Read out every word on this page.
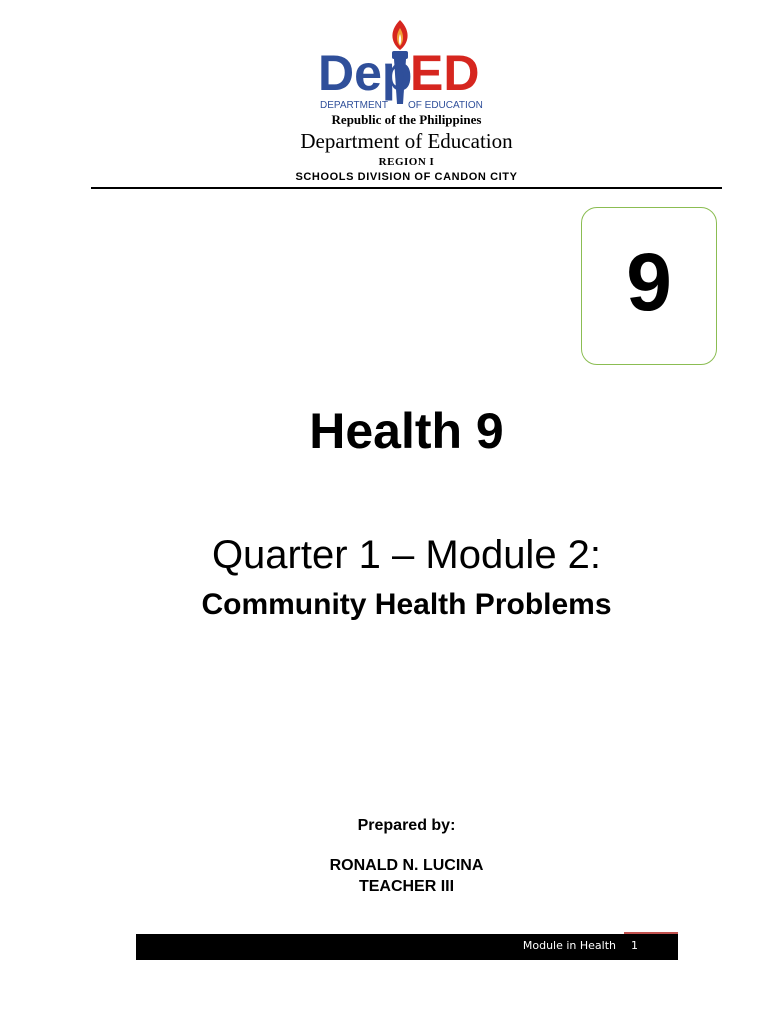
Dep
ED
DEPARTMENT OF EDUCATION
Republic of the Philippines
Department of Education
REGION I
SCHOOLS DIVISION OF CANDON CITY
9
Health 9
Quarter 1 – Module 2:
Community Health Problems
Prepared by:
RONALD N. LUCINA
TEACHER III
Module in Health 1
